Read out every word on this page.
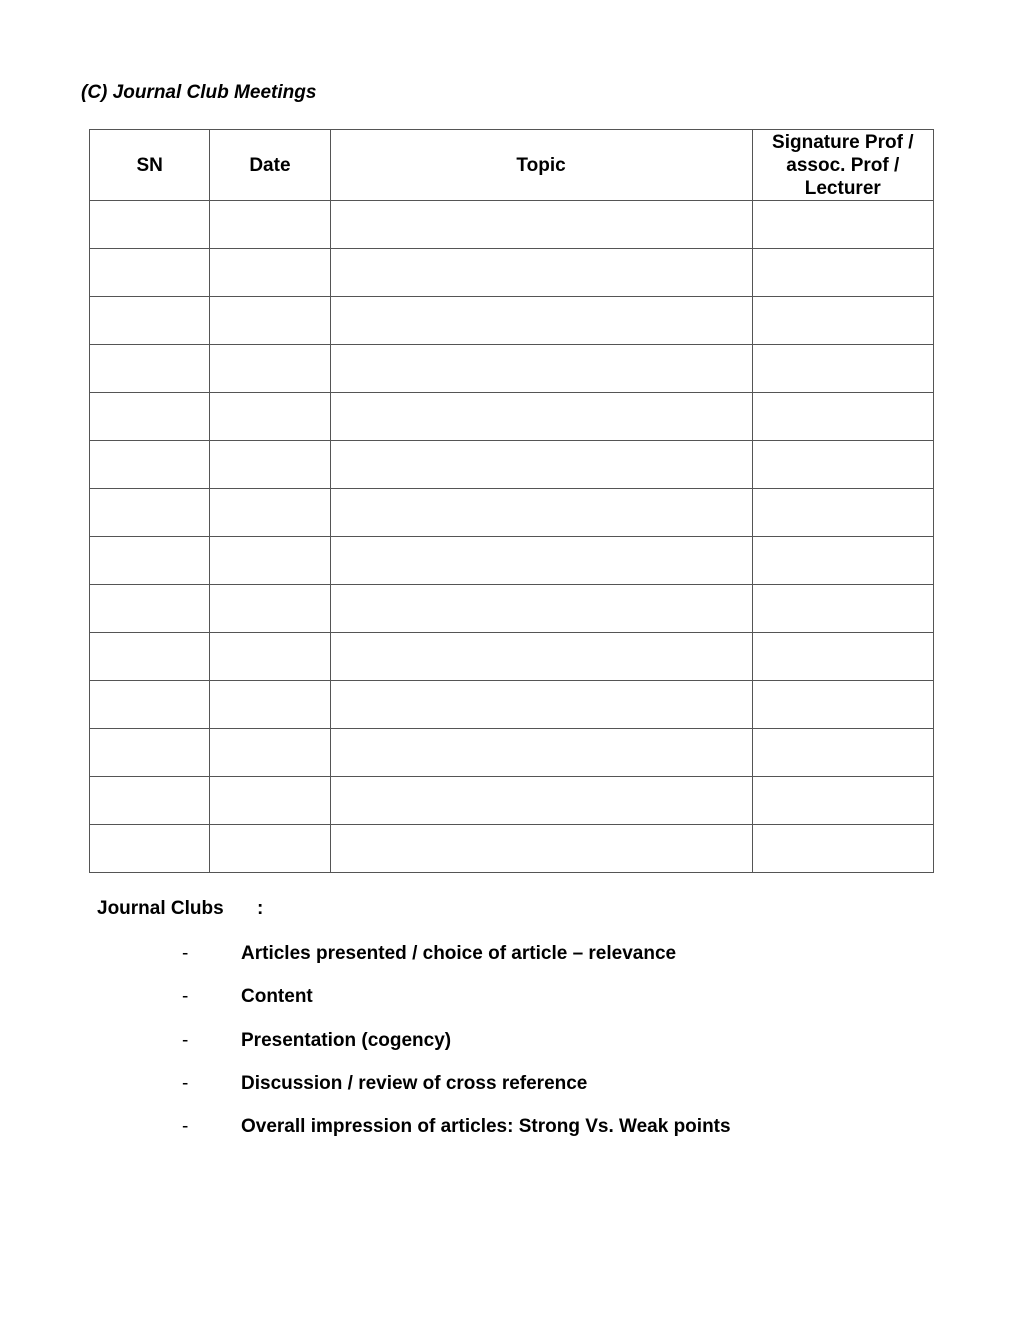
(C) Journal Club Meetings
SN	Date	Topic	Signature Prof / assoc. Prof / Lecturer

Journal Clubs :
-	Articles presented / choice of article – relevance
-	Content
-	Presentation (cogency)
-	Discussion / review of cross reference
-	Overall impression of articles: Strong Vs. Weak points
